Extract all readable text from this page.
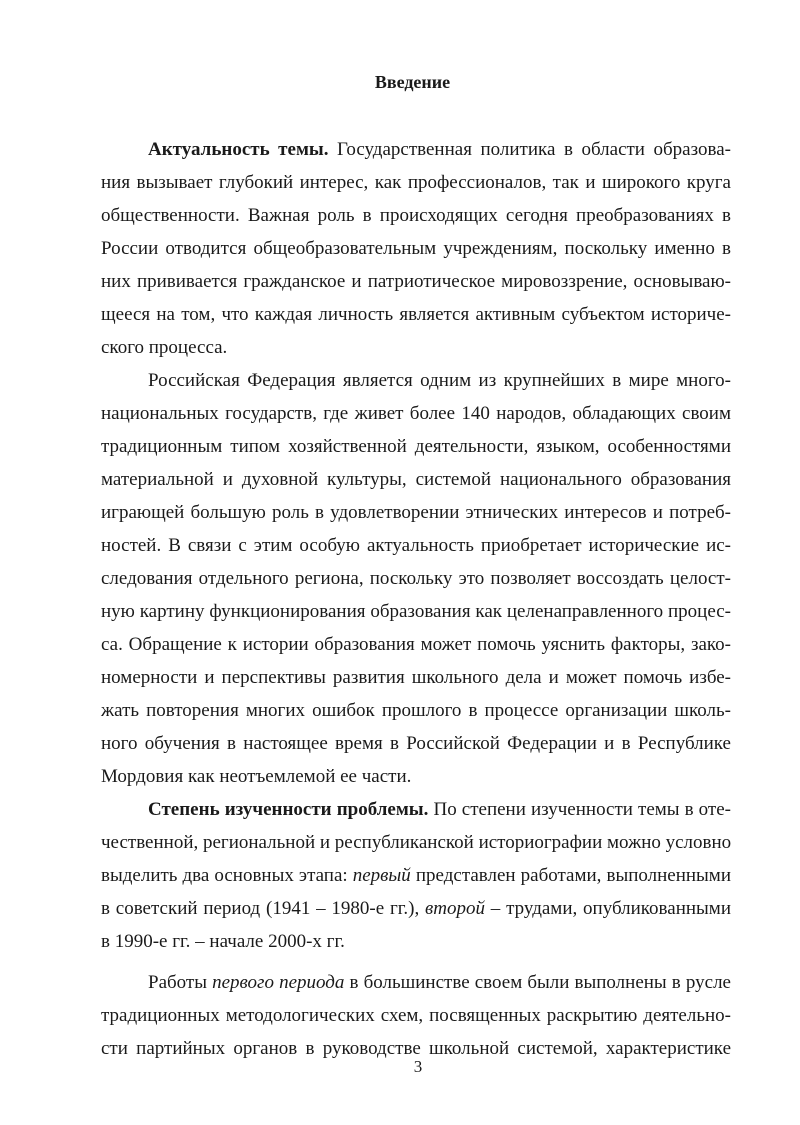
Введение
Актуальность темы. Государственная политика в области образова-
ния вызывает глубокий интерес, как профессионалов, так и широкого круга
общественности. Важная роль в происходящих сегодня преобразованиях в
России отводится общеобразовательным учреждениям, поскольку именно в
них прививается гражданское и патриотическое мировоззрение, основываю-
щееся на том, что каждая личность является активным субъектом историче-
ского процесса.
Российская Федерация является одним из крупнейших в мире много-
национальных государств, где живет более 140 народов, обладающих своим
традиционным типом хозяйственной деятельности, языком, особенностями
материальной и духовной культуры, системой национального образования
играющей большую роль в удовлетворении этнических интересов и потреб-
ностей. В связи с этим особую актуальность приобретает исторические ис-
следования отдельного региона, поскольку это позволяет воссоздать целост-
ную картину функционирования образования как целенаправленного процес-
са. Обращение к истории образования может помочь уяснить факторы, зако-
номерности и перспективы развития школьного дела и может помочь избе-
жать повторения многих ошибок прошлого в процессе организации школь-
ного обучения в настоящее время в Российской Федерации и в Республике
Мордовия как неотъемлемой ее части.
Степень изученности проблемы. По степени изученности темы в оте-
чественной, региональной и республиканской историографии можно условно
выделить два основных этапа: первый представлен работами, выполненными
в советский период (1941 – 1980-е гг.), второй – трудами, опубликованными
в 1990-е гг. – начале 2000-х гг.
Работы первого периода в большинстве своем были выполнены в русле
традиционных методологических схем, посвященных раскрытию деятельно-
сти партийных органов в руководстве школьной системой, характеристике
3
